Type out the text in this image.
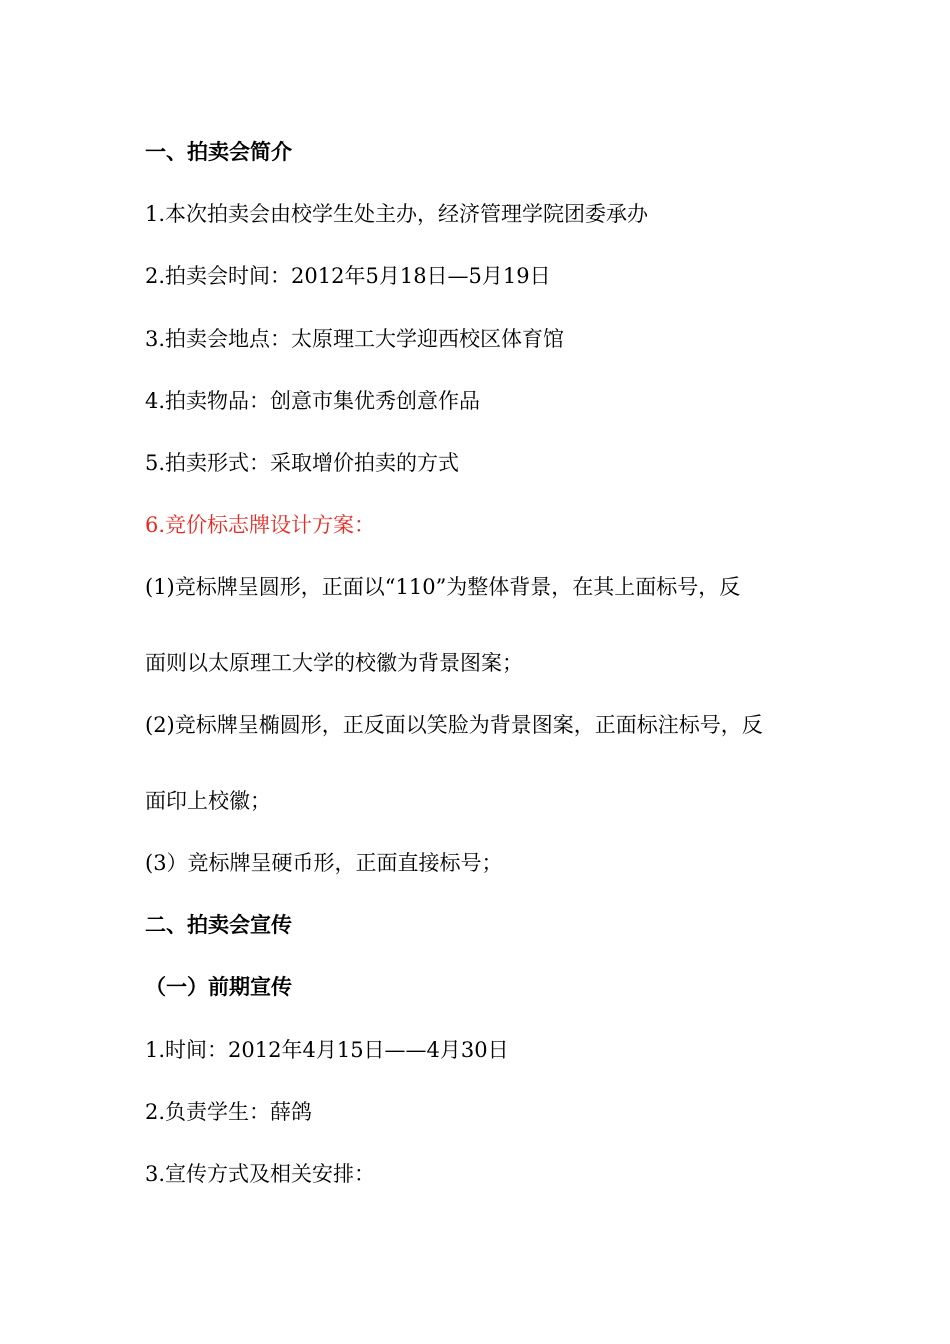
一、拍卖会简介
1.本次拍卖会由校学生处主办，经济管理学院团委承办
2.拍卖会时间：2012年5月18日—5月19日
3.拍卖会地点：太原理工大学迎西校区体育馆
4.拍卖物品：创意市集优秀创意作品
5.拍卖形式：采取增价拍卖的方式
6.竞价标志牌设计方案：
(1)竞标牌呈圆形，正面以“110”为整体背景，在其上面标号，反
面则以太原理工大学的校徽为背景图案；
(2)竞标牌呈椭圆形，正反面以笑脸为背景图案，正面标注标号，反
面印上校徽；
(3）竞标牌呈硬币形，正面直接标号；
二、拍卖会宣传
（一）前期宣传
1.时间：2012年4月15日——4月30日
2.负责学生：薛鸽
3.宣传方式及相关安排：
